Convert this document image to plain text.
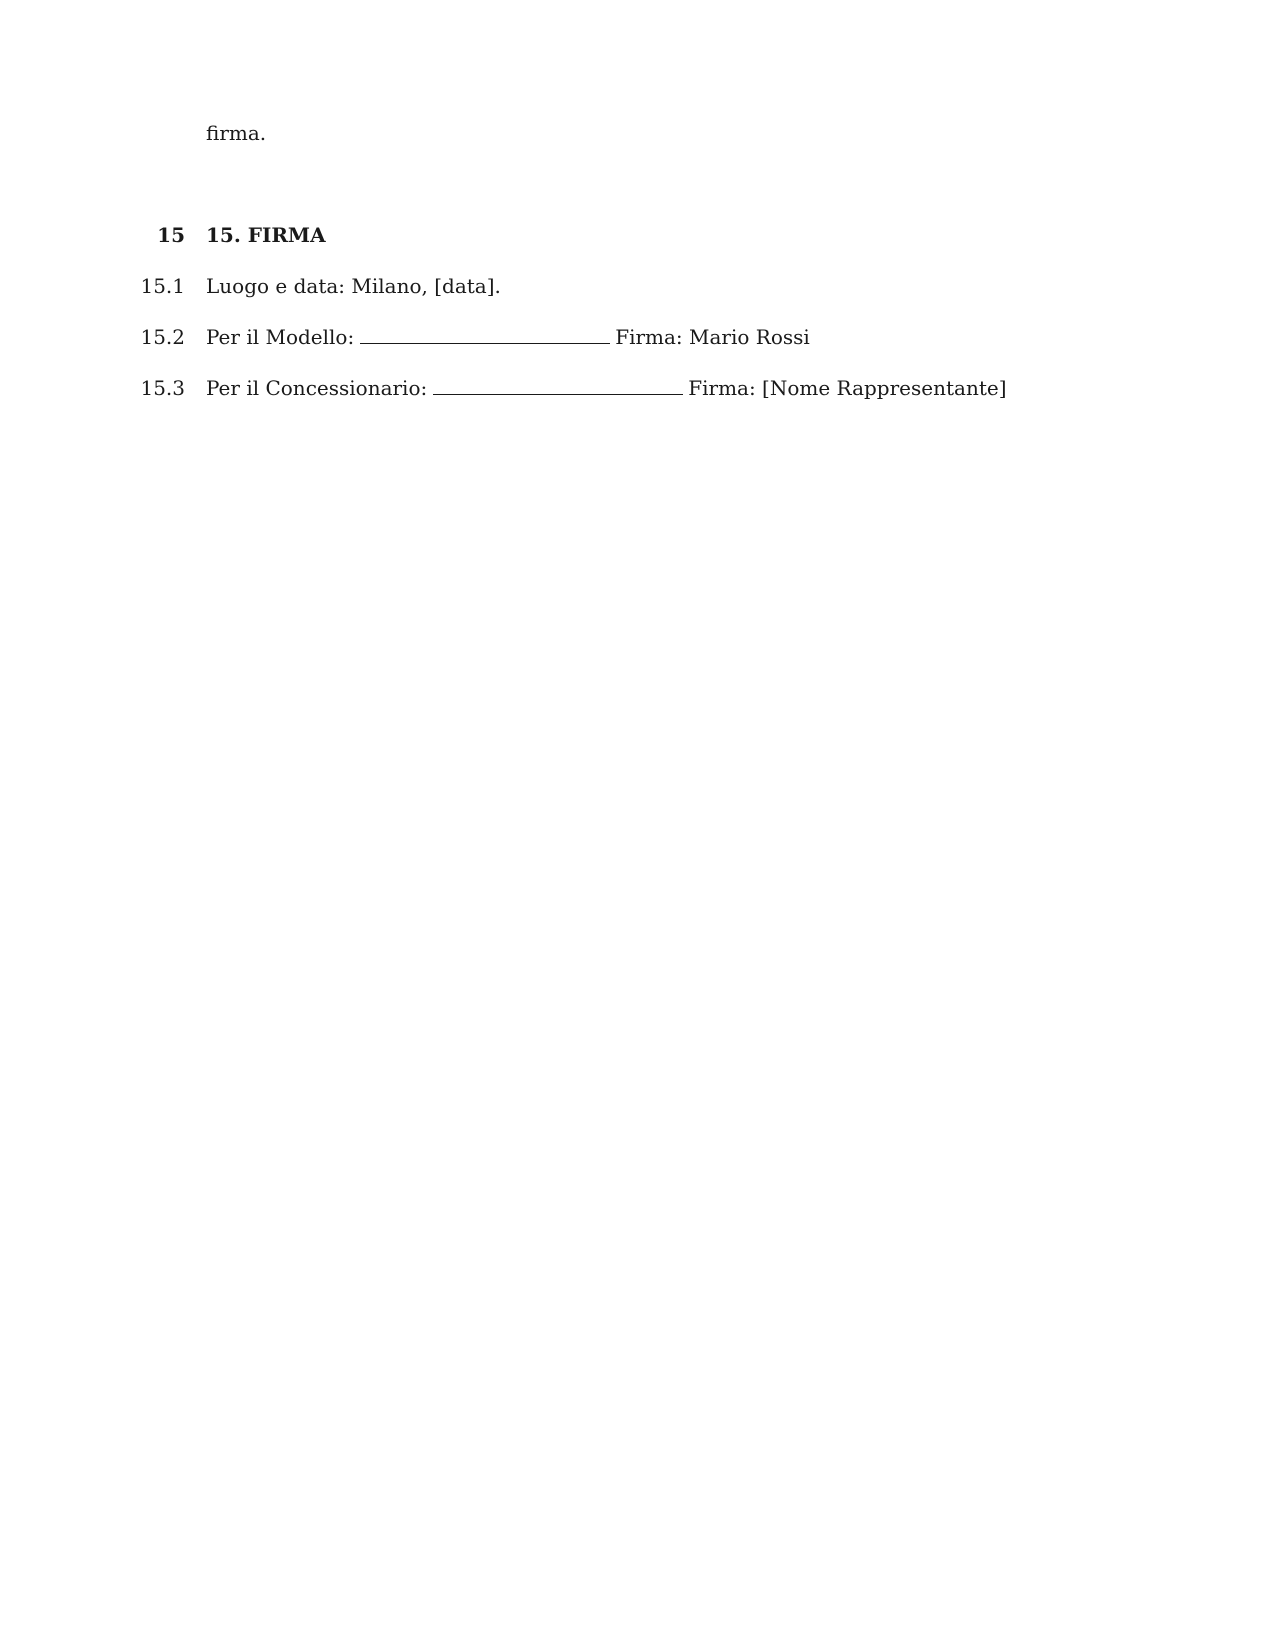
firma.
15 15. FIRMA
15.1 Luogo e data: Milano, [data].
15.2 Per il Modello:	Firma: Mario Rossi
15.3 Per il Concessionario:	Firma: [Nome Rappresentante]
